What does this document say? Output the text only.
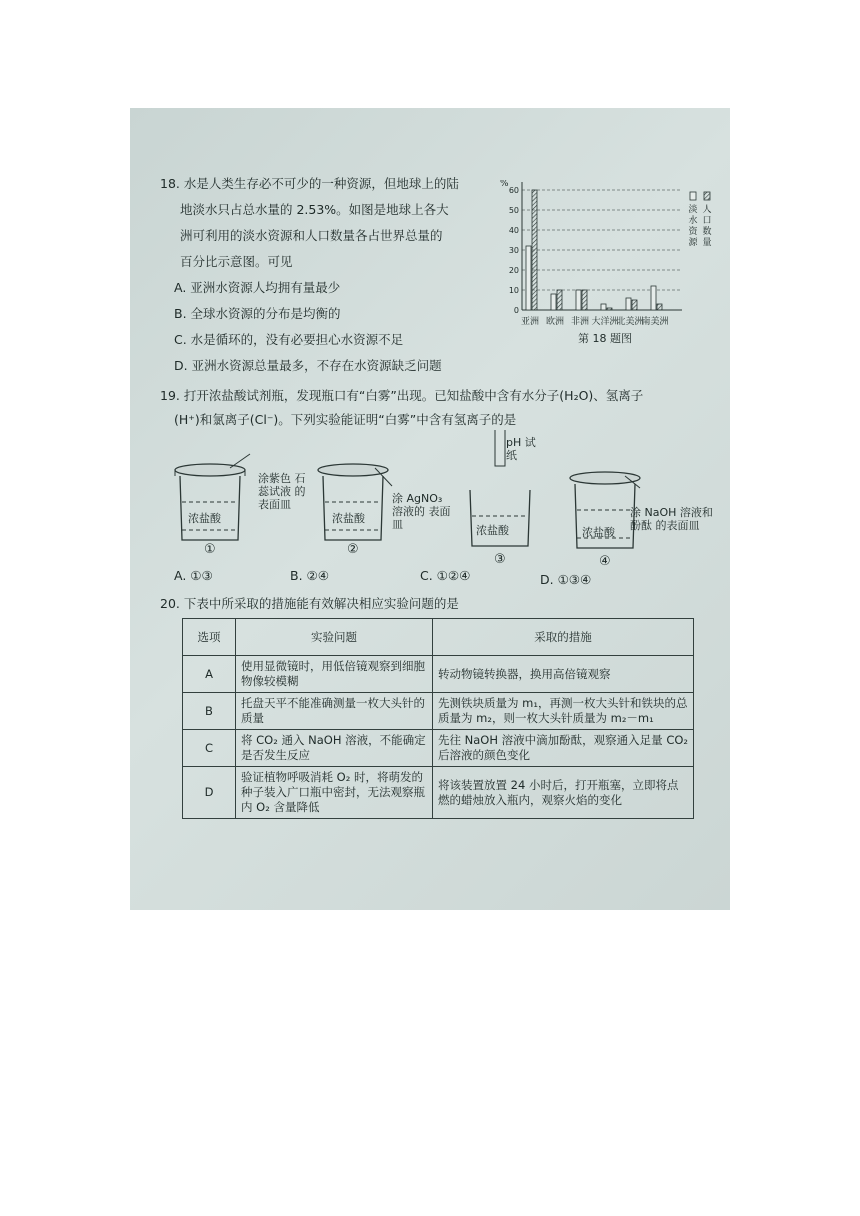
18. 水是人类生存必不可少的一种资源，但地球上的陆
地淡水只占总水量的 2.53%。如图是地球上各大
洲可利用的淡水资源和人口数量各占世界总量的
百分比示意图。可见
A. 亚洲水资源人均拥有量最少
B. 全球水资源的分布是均衡的
C. 水是循环的，没有必要担心水资源不足
D. 亚洲水资源总量最多，不存在水资源缺乏问题
%
0
10
20
30
40
50
60
亚洲 欧洲 非洲 大洋洲
北美洲
南美洲
淡
水
资
源
人
口
数
量
第 18 题图
19. 打开浓盐酸试剂瓶，发现瓶口有“白雾”出现。已知盐酸中含有水分子(H₂O)、氢离子
(H⁺)和氯离子(Cl⁻)。下列实验能证明“白雾”中含有氢离子的是
浓盐酸	浓盐酸
浓盐酸	浓盐酸
涂紫色 石蕊试液 的表面皿	涂 AgNO₃ 溶液的 表面皿
pH 试纸
涂 NaOH 溶液和酚酞 的表面皿
①	②
③	④
A. ①③	B. ②④	C. ①②④	D. ①③④
20. 下表中所采取的措施能有效解决相应实验问题的是
选项	实验问题	采取的措施
A	使用显微镜时，用低倍镜观察到细胞物像较模糊	转动物镜转换器，换用高倍镜观察
B	托盘天平不能准确测量一枚大头针的质量	先测铁块质量为 m₁，再测一枚大头针和铁块的总质量为 m₂，则一枚大头针质量为 m₂－m₁
C	将 CO₂ 通入 NaOH 溶液，不能确定是否发生反应	先往 NaOH 溶液中滴加酚酞，观察通入足量 CO₂ 后溶液的颜色变化
D	验证植物呼吸消耗 O₂ 时，将萌发的种子装入广口瓶中密封，无法观察瓶内 O₂ 含量降低	将该装置放置 24 小时后，打开瓶塞，立即将点燃的蜡烛放入瓶内，观察火焰的变化
